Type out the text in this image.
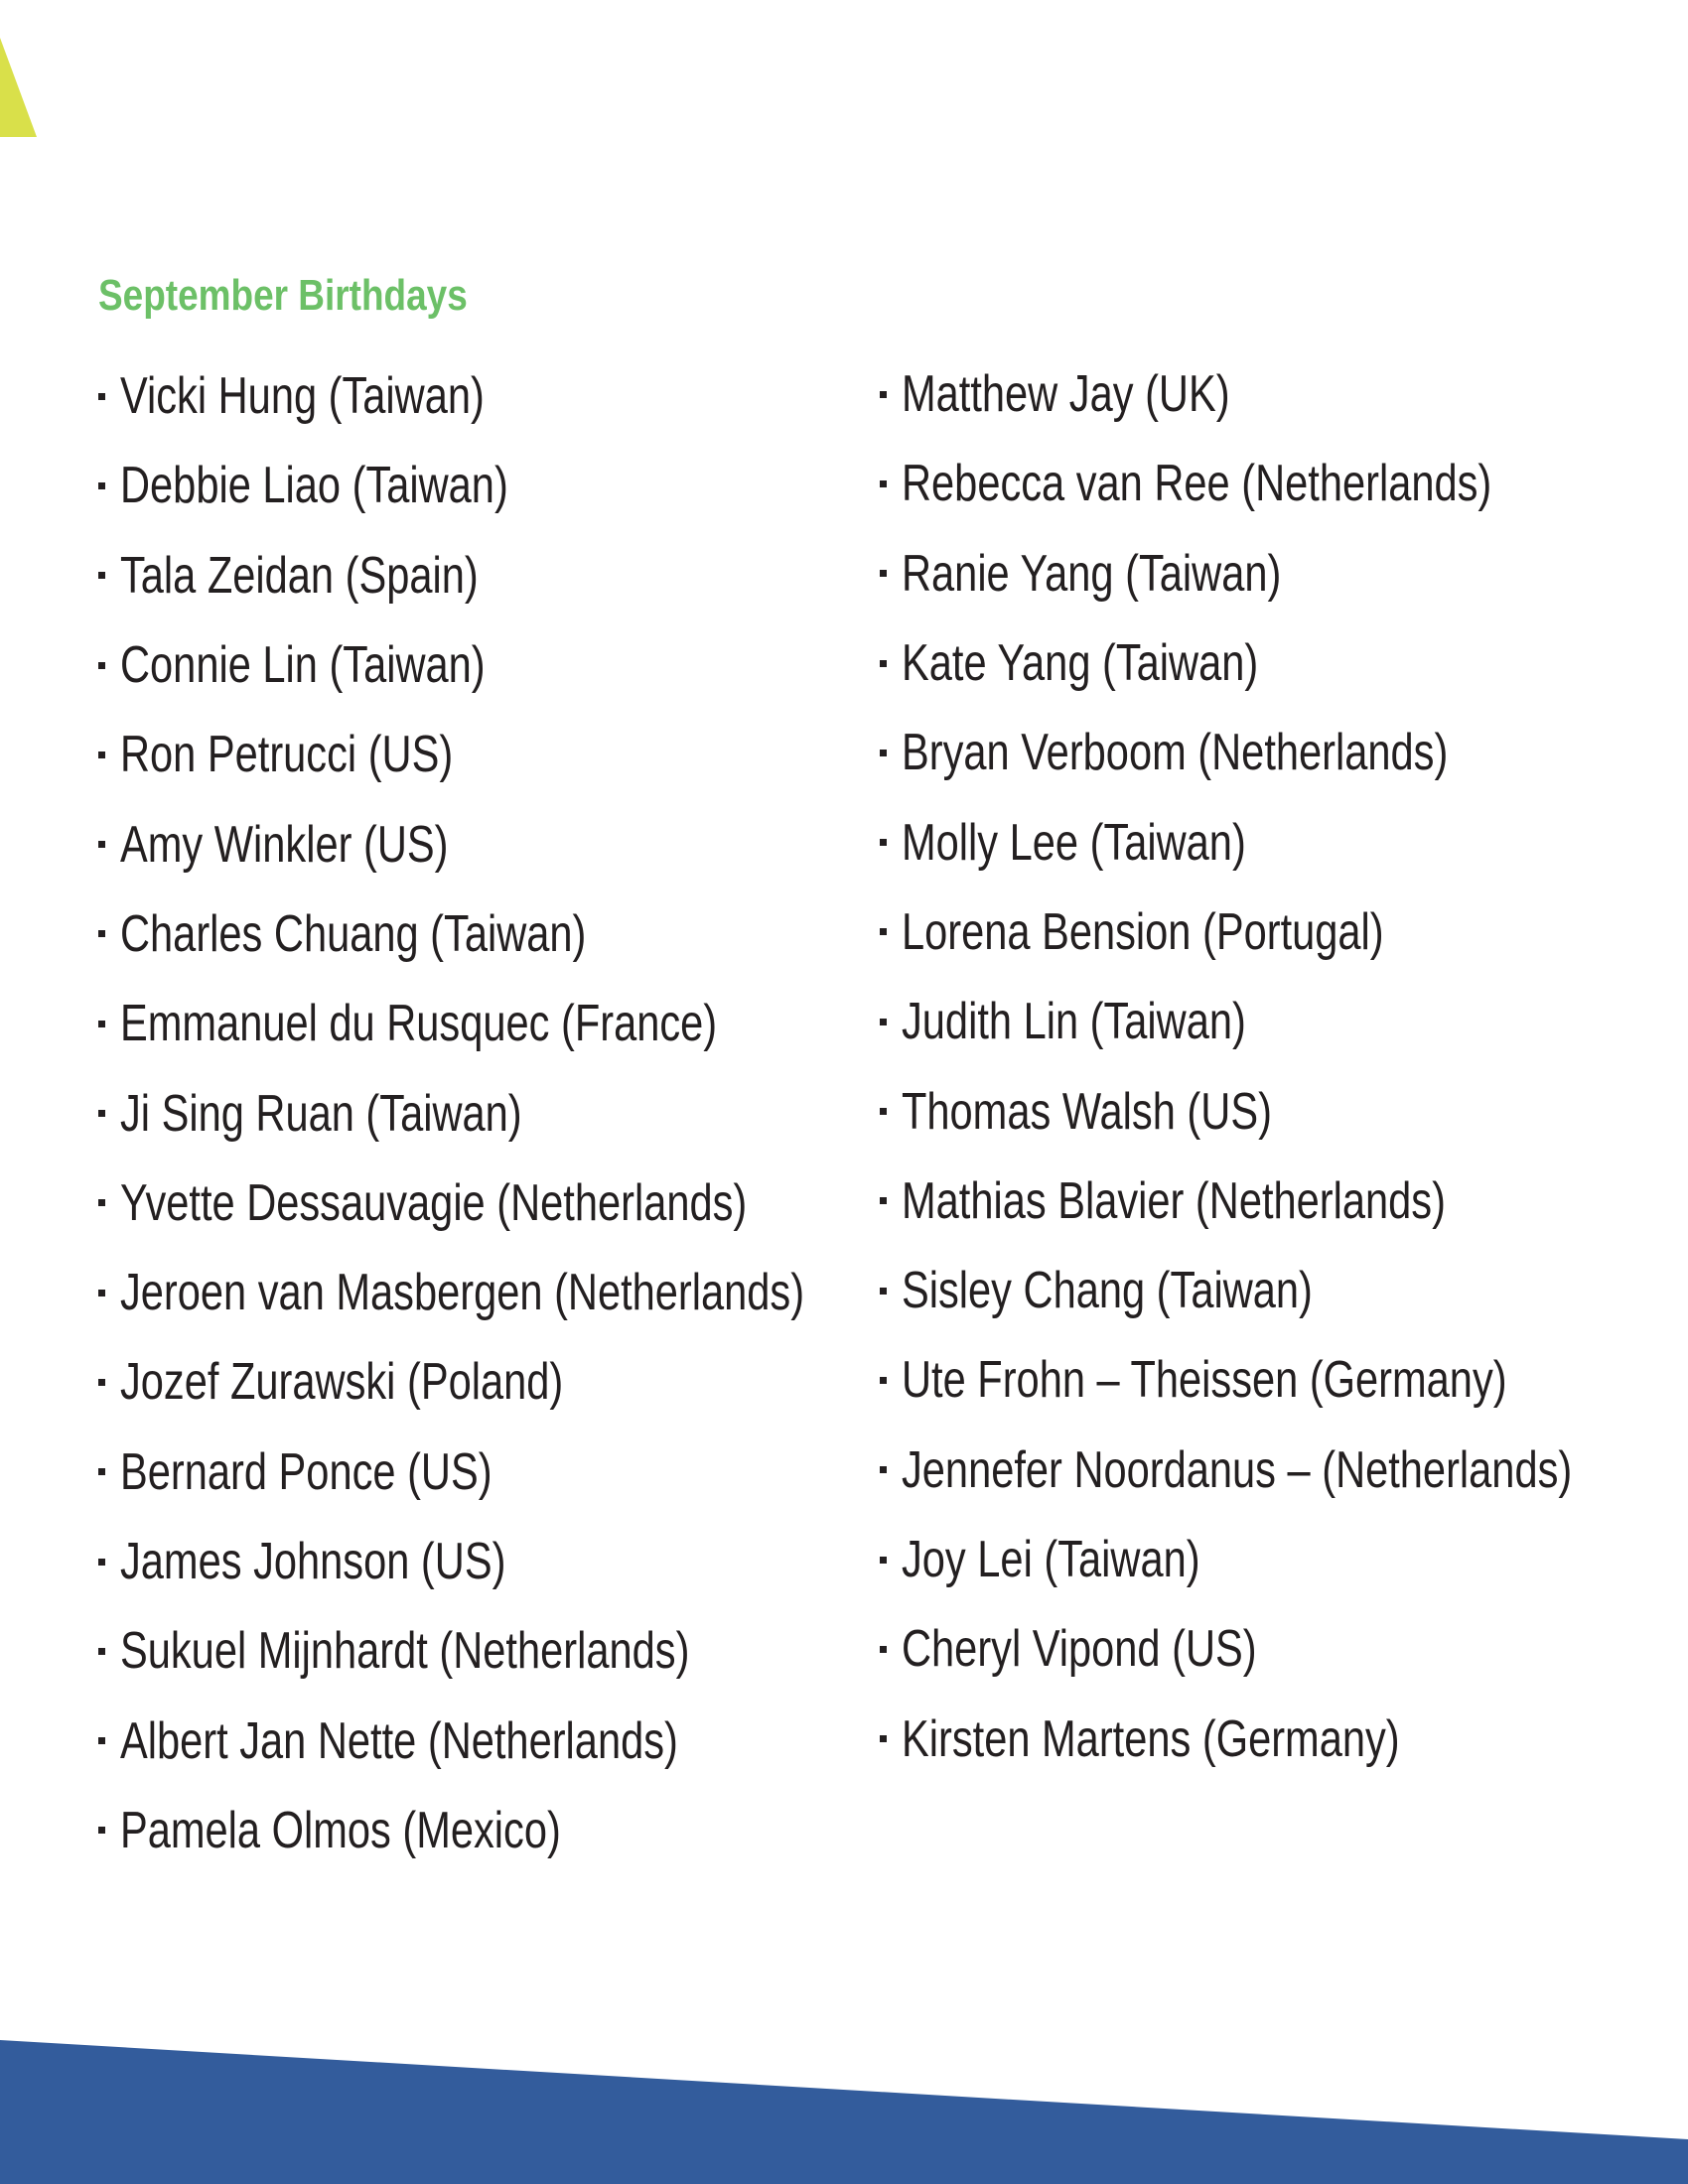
September Birthdays
Vicki Hung (Taiwan)
Debbie Liao (Taiwan)
Tala Zeidan (Spain)
Connie Lin (Taiwan)
Ron Petrucci (US)
Amy Winkler (US)
Charles Chuang (Taiwan)
Emmanuel du Rusquec (France)
Ji Sing Ruan (Taiwan)
Yvette Dessauvagie (Netherlands)
Jeroen van Masbergen (Netherlands)
Jozef Zurawski (Poland)
Bernard Ponce (US)
James Johnson (US)
Sukuel Mijnhardt (Netherlands)
Albert Jan Nette (Netherlands)
Pamela Olmos (Mexico)
Matthew Jay (UK)
Rebecca van Ree (Netherlands)
Ranie Yang (Taiwan)
Kate Yang (Taiwan)
Bryan Verboom (Netherlands)
Molly Lee (Taiwan)
Lorena Bension (Portugal)
Judith Lin (Taiwan)
Thomas Walsh (US)
Mathias Blavier (Netherlands)
Sisley Chang (Taiwan)
Ute Frohn – Theissen (Germany)
Jennefer Noordanus – (Netherlands)
Joy Lei (Taiwan)
Cheryl Vipond (US)
Kirsten Martens (Germany)
